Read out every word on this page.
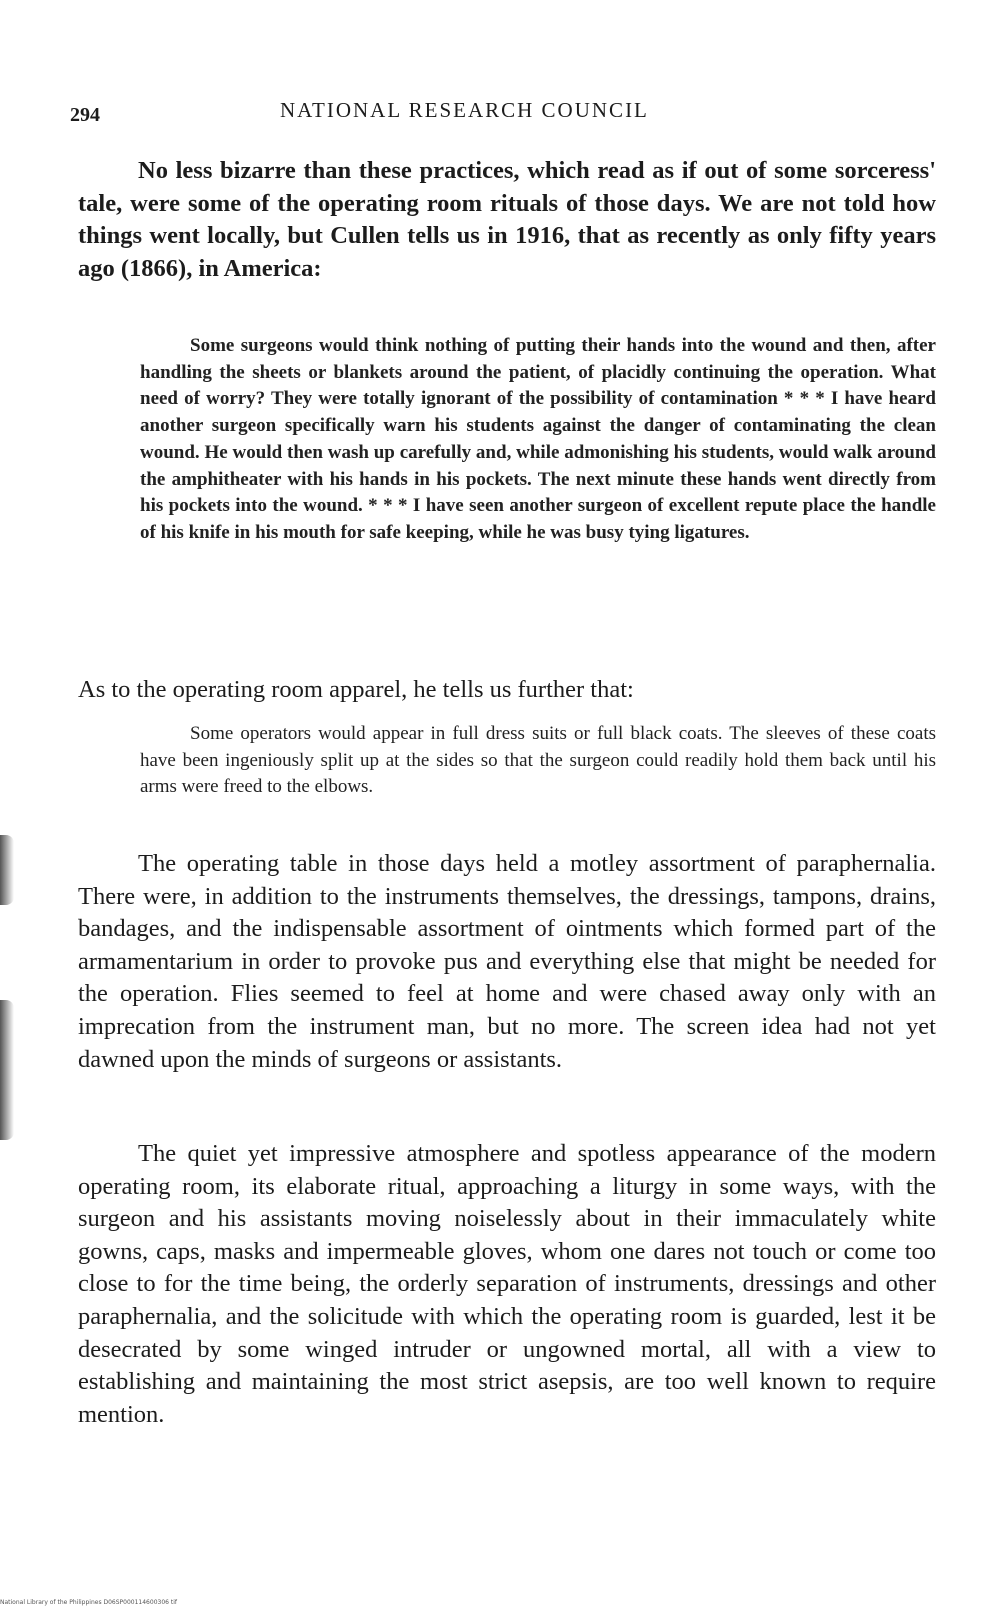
294	NATIONAL RESEARCH COUNCIL

No less bizarre than these practices, which read as if out of some sorceress' tale, were some of the operating room rituals of those days. We are not told how things went locally, but Cullen tells us in 1916, that as recently as only fifty years ago (1866), in America:

Some surgeons would think nothing of putting their hands into the wound and then, after handling the sheets or blankets around the patient, of placidly continuing the operation. What need of worry? They were totally ignorant of the possibility of contamination * * * I have heard another surgeon specifically warn his students against the danger of contaminating the clean wound. He would then wash up carefully and, while admonishing his students, would walk around the amphitheater with his hands in his pockets. The next minute these hands went directly from his pockets into the wound. * * * I have seen another surgeon of excellent repute place the handle of his knife in his mouth for safe keeping, while he was busy tying ligatures.

As to the operating room apparel, he tells us further that:

Some operators would appear in full dress suits or full black coats. The sleeves of these coats have been ingeniously split up at the sides so that the surgeon could readily hold them back until his arms were freed to the elbows.

The operating table in those days held a motley assortment of paraphernalia. There were, in addition to the instruments themselves, the dressings, tampons, drains, bandages, and the indispensable assortment of ointments which formed part of the armamentarium in order to provoke pus and everything else that might be needed for the operation. Flies seemed to feel at home and were chased away only with an imprecation from the instrument man, but no more. The screen idea had not yet dawned upon the minds of surgeons or assistants.

The quiet yet impressive atmosphere and spotless appearance of the modern operating room, its elaborate ritual, approaching a liturgy in some ways, with the surgeon and his assistants moving noiselessly about in their immaculately white gowns, caps, masks and impermeable gloves, whom one dares not touch or come too close to for the time being, the orderly separation of instruments, dressings and other paraphernalia, and the solicitude with which the operating room is guarded, lest it be desecrated by some winged intruder or ungowned mortal, all with a view to establishing and maintaining the most strict asepsis, are too well known to require mention.

National Library of the Philippines D06SP000114600306 tif
